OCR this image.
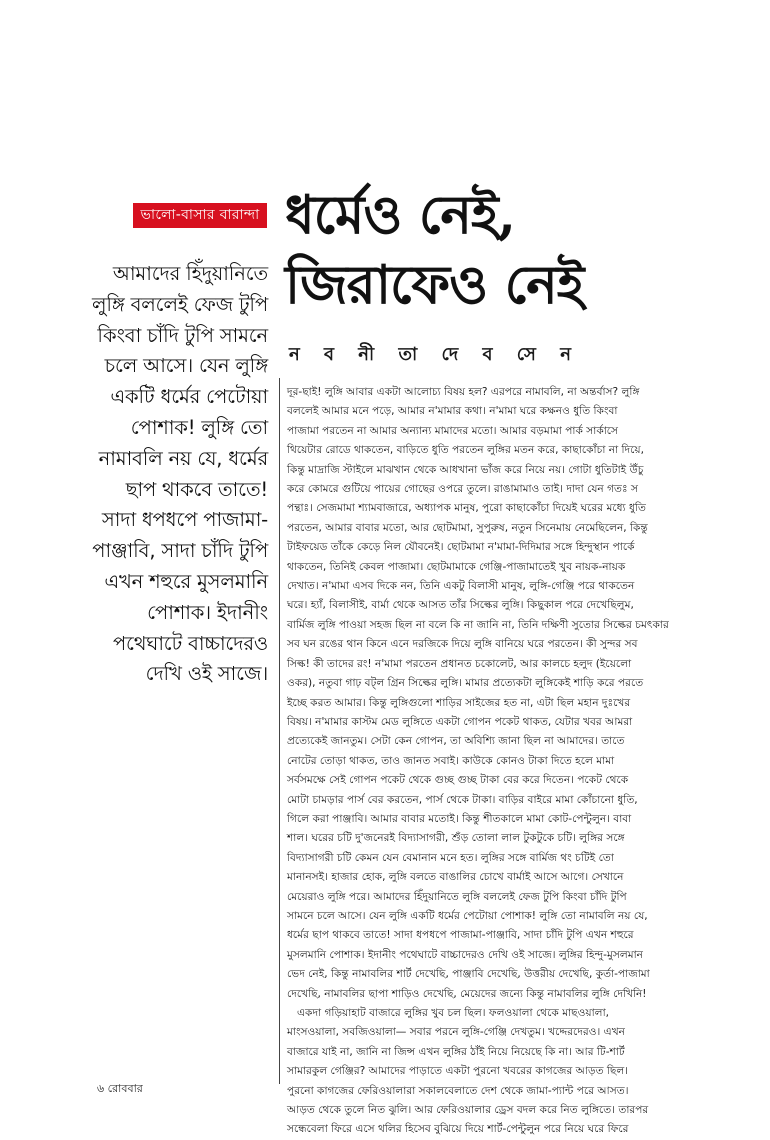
ভালো-বাসার বারান্দা ধর্মেও নেই,
জিরাফেও নেই
ন ব নী তা দে ব সে ন
আমাদের হিঁদুয়ানিতে
লুঙ্গি বললেই ফেজ টুপি
কিংবা চাঁদি টুপি সামনে
চলে আসে। যেন লুঙ্গি
একটি ধর্মের পেটোয়া
পোশাক! লুঙ্গি তো
নামাবলি নয় যে, ধর্মের
ছাপ থাকবে তাতে!
সাদা ধপধপে পাজামা-
পাঞ্জাবি, সাদা চাঁদি টুপি
এখন শহুরে মুসলমানি
পোশাক। ইদানীং
পথেঘাটে বাচ্চাদেরও
দেখি ওই সাজে।
দূর-ছাই! লুঙ্গি আবার একটা আলোচ্য বিষয় হল? এরপরে নামাবলি, না অন্তর্বাস? লুঙ্গি
বললেই আমার মনে পড়ে, আমার ন'মামার কথা। ন'মামা ঘরে কক্ষনও ধুতি কিংবা
পাজামা পরতেন না আমার অন্যান্য মামাদের মতো। আমার বড়মামা পার্ক সার্কাসে
থিয়েটার রোডে থাকতেন, বাড়িতে ধুতি পরতেন লুঙ্গির মতন করে, কাছাকোঁচা না দিয়ে,
কিন্তু মাদ্রাজি স্টাইলে মাঝখান থেকে আধখানা ভাঁজ করে নিয়ে নয়। গোটা ধুতিটাই উঁচু
করে কোমরে গুটিয়ে পায়ের গোছের ওপরে তুলে। রাঙামামাও তাই। দাদা যেন গতঃ স
পন্থাঃ। সেজমামা শ্যামবাজারে, অধ্যাপক মানুষ, পুরো কাছাকোঁচা দিয়েই ঘরের মধ্যে ধুতি
পরতেন, আমার বাবার মতো, আর ছোটমামা, সুপুরুষ, নতুন সিনেমায় নেমেছিলেন, কিন্তু
টাইফয়েড তাঁকে কেড়ে নিল যৌবনেই। ছোটমামা ন'মামা-দিদিমার সঙ্গে হিন্দুস্থান পার্কে
থাকতেন, তিনিই কেবল পাজামা। ছোটমামাকে গেঞ্জি-পাজামাতেই খুব নায়ক-নায়ক
দেখাত। ন'মামা এসব দিকে নন, তিনি একটু বিলাসী মানুষ, লুঙ্গি-গেঞ্জি পরে থাকতেন
ঘরে। হ্যাঁ, বিলাসীই, বার্মা থেকে আসত তাঁর সিল্কের লুঙ্গি। কিছুকাল পরে দেখেছিলুম,
বার্মিজ লুঙ্গি পাওয়া সহজ ছিল না বলে কি না জানি না, তিনি দক্ষিণী সুতোর সিল্কের চমৎকার
সব ঘন রঙের থান কিনে এনে দরজিকে দিয়ে লুঙ্গি বানিয়ে ঘরে পরতেন। কী সুন্দর সব
সিল্ক! কী তাদের রং! ন'মামা পরতেন প্রধানত চকোলেট, আর কালচে হলুদ (ইয়েলো
ওকর), নতুবা গাঢ় বট্ল গ্রিন সিল্কের লুঙ্গি। মামার প্রত্যেকটা লুঙ্গিকেই শাড়ি করে পরতে
ইচ্ছে করত আমার। কিন্তু লুঙ্গিগুলো শাড়ির সাইজের হত না, এটা ছিল মহান দুঃখের
বিষয়। ন'মামার কাস্টম মেড লুঙ্গিতে একটা গোপন পকেট থাকত, যেটার খবর আমরা
প্রত্যেকেই জানতুম। সেটা কেন গোপন, তা অবিশ্যি জানা ছিল না আমাদের। তাতে
নোটের তোড়া থাকত, তাও জানত সবাই। কাউকে কোনও টাকা দিতে হলে মামা
সর্বসমক্ষে সেই গোপন পকেট থেকে গুচ্ছ গুচ্ছ টাকা বের করে দিতেন। পকেট থেকে
মোটা চামড়ার পার্স বের করতেন, পার্স থেকে টাকা। বাড়ির বাইরে মামা কোঁচানো ধুতি,
গিলে করা পাঞ্জাবি। আমার বাবার মতোই। কিন্তু শীতকালে মামা কোট-পেন্টুলুন। বাবা
শাল। ঘরের চটি দু'জনেরই বিদ্যাসাগরী, শুঁড় তোলা লাল টুকটুকে চটি। লুঙ্গির সঙ্গে
বিদ্যাসাগরী চটি কেমন যেন বেমানান মনে হত। লুঙ্গির সঙ্গে বার্মিজ থং চটিই তো
মানানসই। হাজার হোক, লুঙ্গি বলতে বাঙালির চোখে বার্মাই আসে আগে। সেখানে
মেয়েরাও লুঙ্গি পরে। আমাদের হিঁদুয়ানিতে লুঙ্গি বললেই ফেজ টুপি কিংবা চাঁদি টুপি
সামনে চলে আসে। যেন লুঙ্গি একটি ধর্মের পেটোয়া পোশাক! লুঙ্গি তো নামাবলি নয় যে,
ধর্মের ছাপ থাকবে তাতে! সাদা ধপধপে পাজামা-পাঞ্জাবি, সাদা চাঁদি টুপি এখন শহুরে
মুসলমানি পোশাক। ইদানীং পথেঘাটে বাচ্চাদেরও দেখি ওই সাজে। লুঙ্গির হিন্দু-মুসলমান
ভেদ নেই, কিন্তু নামাবলির শার্ট দেখেছি, পাঞ্জাবি দেখেছি, উত্তরীয় দেখেছি, কুর্তা-পাজামা
দেখেছি, নামাবলির ছাপা শাড়িও দেখেছি, মেয়েদের জন্যে কিন্তু নামাবলির লুঙ্গি দেখিনি!
একদা গড়িয়াহাট বাজারে লুঙ্গির খুব চল ছিল। ফলওয়ালা থেকে মাছওয়ালা,
মাংসওয়ালা, সবজিওয়ালা— সবার পরনে লুঙ্গি-গেঞ্জি দেখতুম। খদ্দেরদেরও। এখন
বাজারে যাই না, জানি না জিন্স এখন লুঙ্গির ঠাঁই নিয়ে নিয়েছে কি না। আর টি-শার্ট
সামারকুল গেঞ্জির? আমাদের পাড়াতে একটা পুরনো খবরের কাগজের আড়ত ছিল।
পুরনো কাগজের ফেরিওয়ালারা সকালবেলাতে দেশ থেকে জামা-প্যান্ট পরে আসত।
আড়ত থেকে তুলে নিত ঝুলি। আর ফেরিওয়ালার ড্রেস বদল করে নিত লুঙ্গিতে। তারপর
সন্ধেবেলা ফিরে এসে থলির হিসেব বুঝিয়ে দিয়ে শার্ট-পেন্টুলুন পরে নিয়ে ঘরে ফিরে
৬ রোববার
